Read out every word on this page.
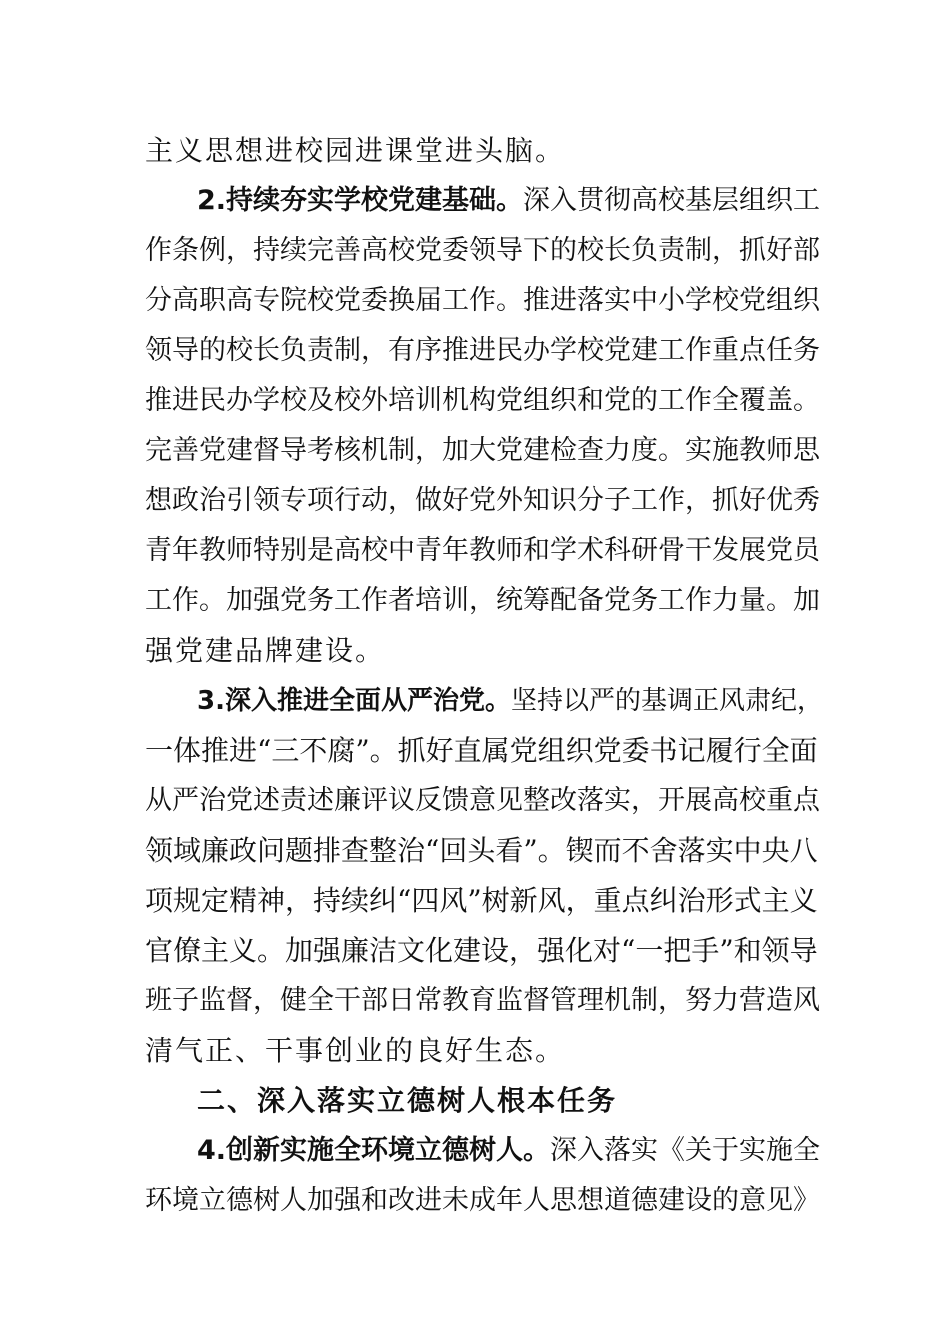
主义思想进校园进课堂进头脑。
2.持续夯实学校党建基础。深入贯彻高校基层组织工
作条例，持续完善高校党委领导下的校长负责制，抓好部
分高职高专院校党委换届工作。推进落实中小学校党组织
领导的校长负责制，有序推进民办学校党建工作重点任务
推进民办学校及校外培训机构党组织和党的工作全覆盖。
完善党建督导考核机制，加大党建检查力度。实施教师思
想政治引领专项行动，做好党外知识分子工作，抓好优秀
青年教师特别是高校中青年教师和学术科研骨干发展党员
工作。加强党务工作者培训，统筹配备党务工作力量。加
强党建品牌建设。
3.深入推进全面从严治党。坚持以严的基调正风肃纪，
一体推进“三不腐”。抓好直属党组织党委书记履行全面
从严治党述责述廉评议反馈意见整改落实，开展高校重点
领域廉政问题排查整治“回头看”。锲而不舍落实中央八
项规定精神，持续纠“四风”树新风，重点纠治形式主义
官僚主义。加强廉洁文化建设，强化对“一把手”和领导
班子监督，健全干部日常教育监督管理机制，努力营造风
清气正、干事创业的良好生态。
二、深入落实立德树人根本任务
4.创新实施全环境立德树人。深入落实《关于实施全
环境立德树人加强和改进未成年人思想道德建设的意见》
